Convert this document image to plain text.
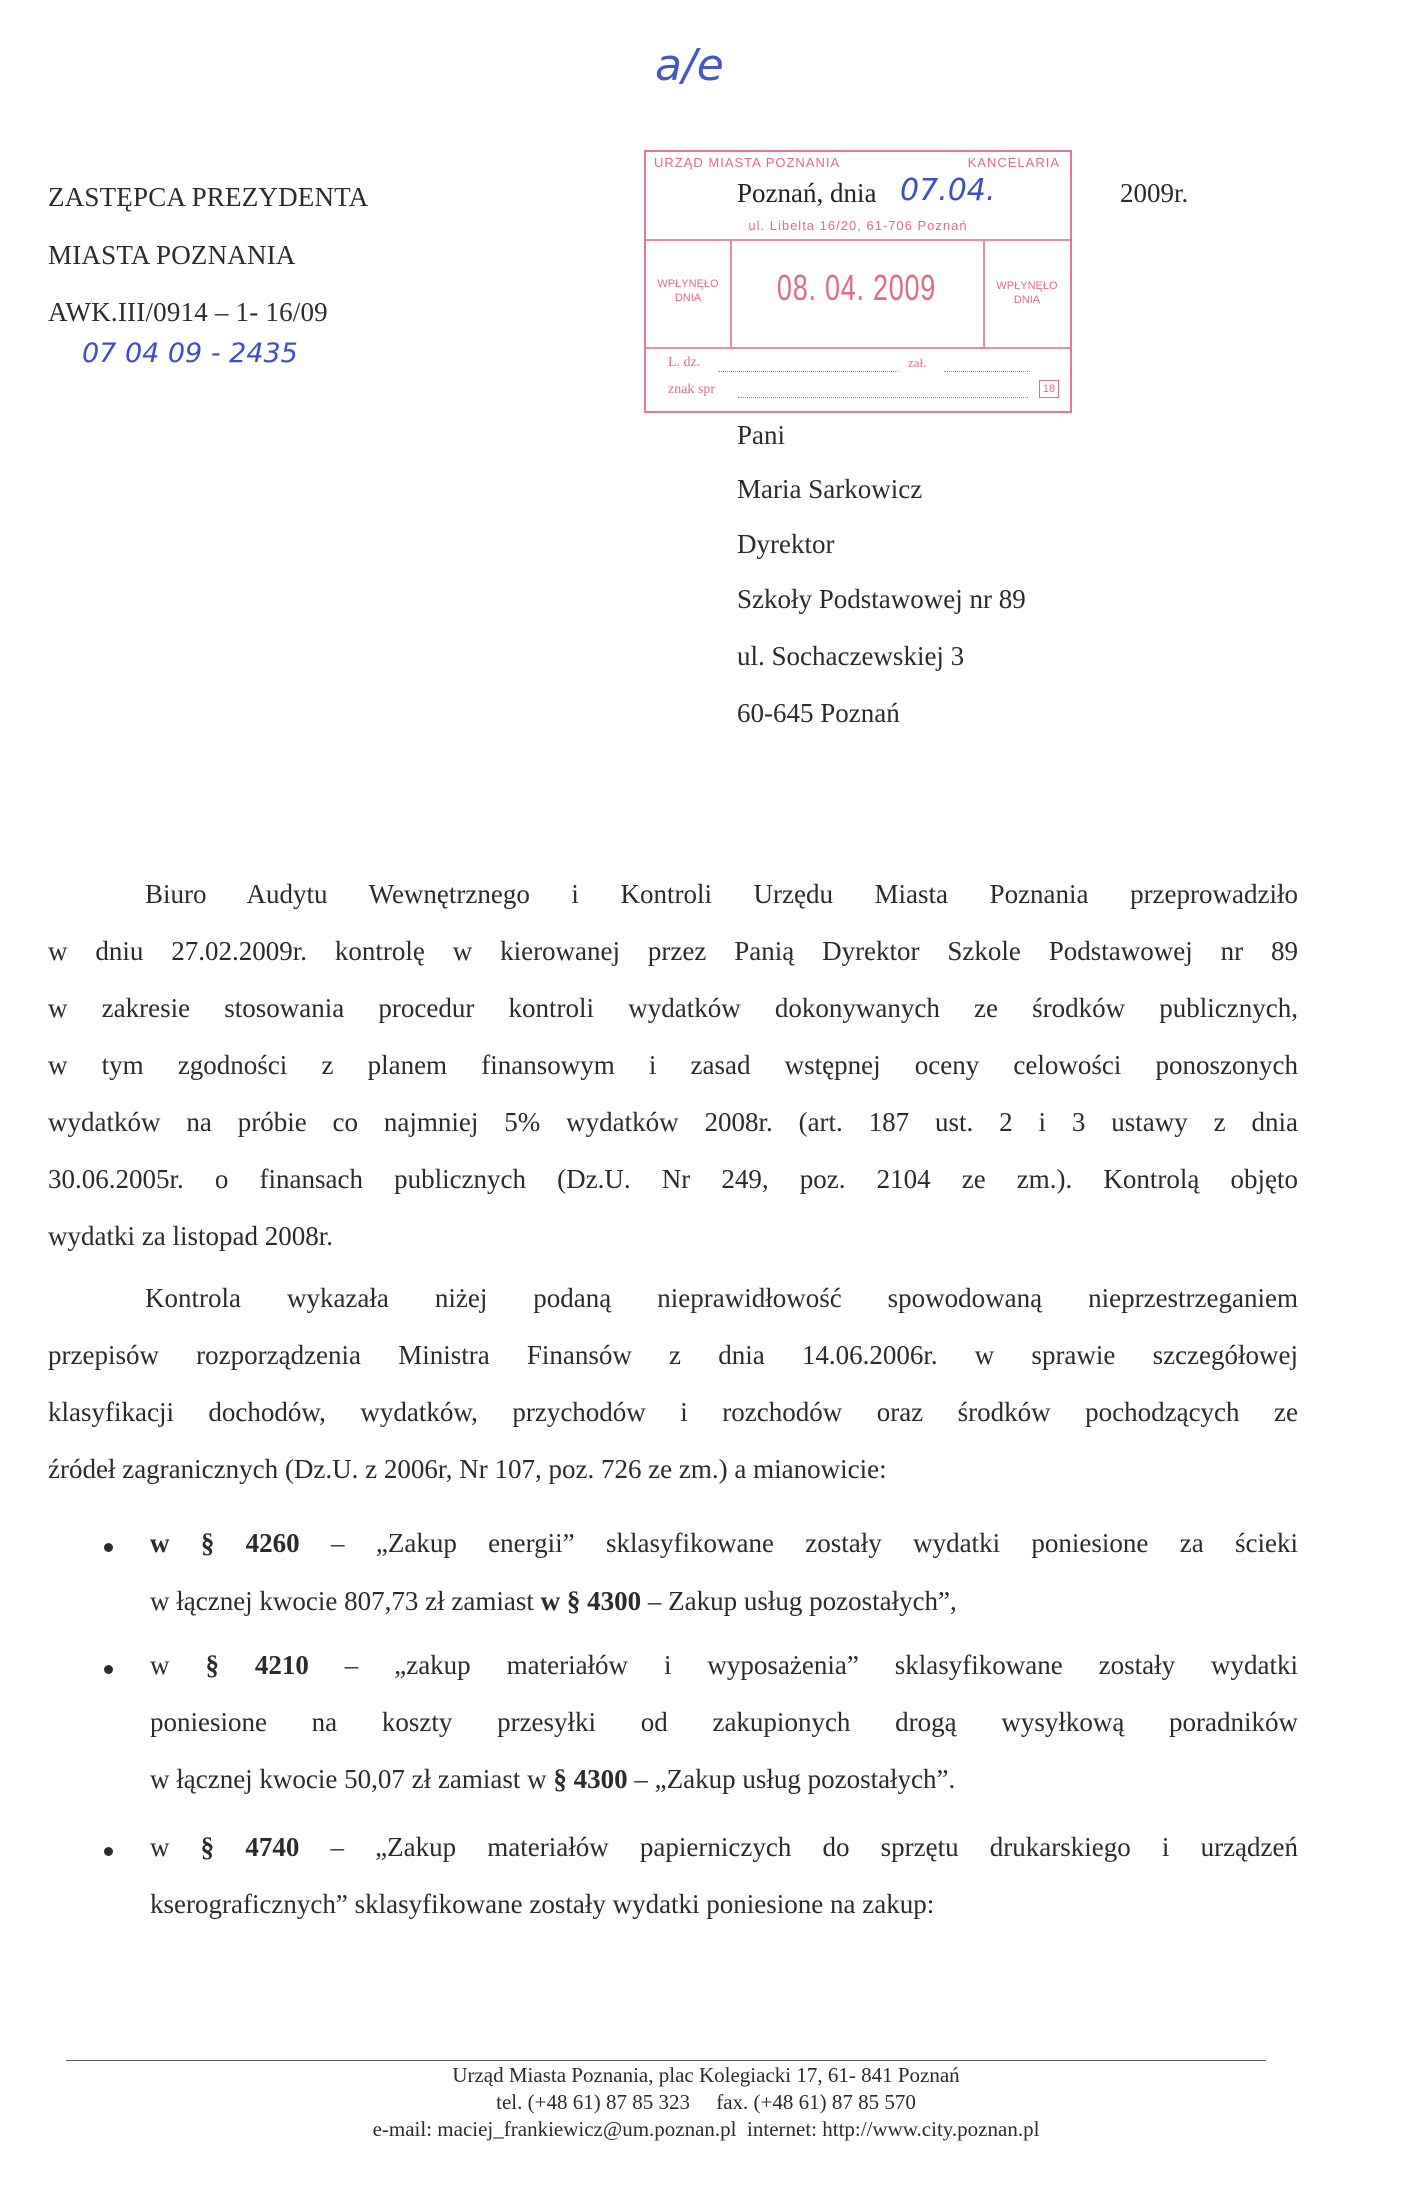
a/e
ZASTĘPCA PREZYDENTA
MIASTA POZNANIA
AWK.III/0914 – 1- 16/09
07 04 09 - 2435
URZĄD MIASTA POZNANIA	KANCELARIA
ul. Libelta 16/20, 61-706 Poznań
WPŁYNĘŁO
DNIA	08. 04. 2009	WPŁYNĘŁO
DNIA
L. dz.	zał.
znak spr	18
Poznań, dnia 07.04.	2009r.
Pani
Maria Sarkowicz
Dyrektor
Szkoły Podstawowej nr 89
ul. Sochaczewskiej 3
60-645 Poznań
Biuro Audytu Wewnętrznego i Kontroli Urzędu Miasta Poznania przeprowadziło
w dniu 27.02.2009r. kontrolę w kierowanej przez Panią Dyrektor Szkole Podstawowej nr 89
w zakresie stosowania procedur kontroli wydatków dokonywanych ze środków publicznych,
w tym zgodności z planem finansowym i zasad wstępnej oceny celowości ponoszonych
wydatków na próbie co najmniej 5% wydatków 2008r. (art. 187 ust. 2 i 3 ustawy z dnia
30.06.2005r. o finansach publicznych (Dz.U. Nr 249, poz. 2104 ze zm.). Kontrolą objęto
wydatki za listopad 2008r.
Kontrola wykazała niżej podaną nieprawidłowość spowodowaną nieprzestrzeganiem
przepisów rozporządzenia Ministra Finansów z dnia 14.06.2006r. w sprawie szczegółowej
klasyfikacji dochodów, wydatków, przychodów i rozchodów oraz środków pochodzących ze
źródeł zagranicznych (Dz.U. z 2006r, Nr 107, poz. 726 ze zm.) a mianowicie:
w § 4260 – „Zakup energii” sklasyfikowane zostały wydatki poniesione za ścieki
w łącznej kwocie 807,73 zł zamiast w § 4300 – Zakup usług pozostałych”,
w § 4210 – „zakup materiałów i wyposażenia” sklasyfikowane zostały wydatki
poniesione na koszty przesyłki od zakupionych drogą wysyłkową poradników
w łącznej kwocie 50,07 zł zamiast w § 4300 – „Zakup usług pozostałych”.
w § 4740 – „Zakup materiałów papierniczych do sprzętu drukarskiego i urządzeń
kserograficznych” sklasyfikowane zostały wydatki poniesione na zakup:
Urząd Miasta Poznania, plac Kolegiacki 17, 61- 841 Poznań
tel. (+48 61) 87 85 323     fax. (+48 61) 87 85 570
e-mail: maciej_frankiewicz@um.poznan.pl  internet: http://www.city.poznan.pl
